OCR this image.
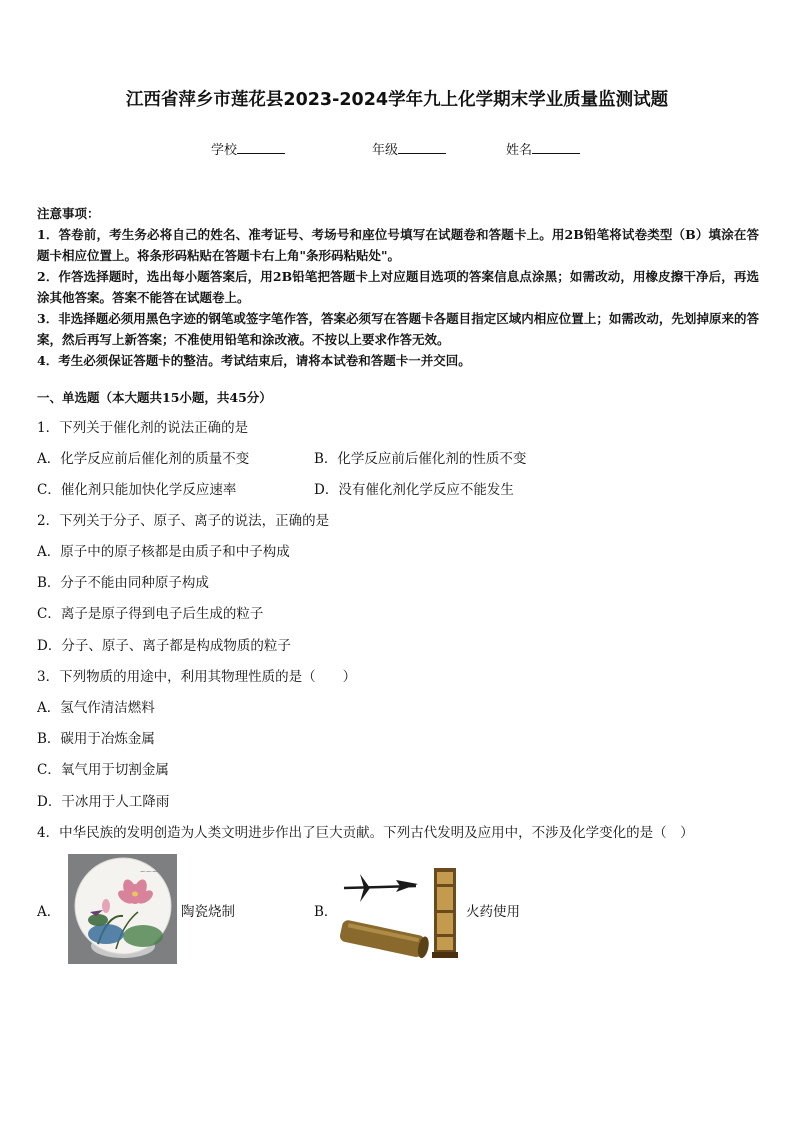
江西省萍乡市莲花县2023-2024学年九上化学期末学业质量监测试题
学校	年级	姓名

注意事项：

1．答卷前，考生务必将自己的姓名、准考证号、考场号和座位号填写在试题卷和答题卡上。用2B铅笔将试卷类型（B）填涂在答题卡相应位置上。将条形码粘贴在答题卡右上角"条形码粘贴处"。

2．作答选择题时，选出每小题答案后，用2B铅笔把答题卡上对应题目选项的答案信息点涂黑；如需改动，用橡皮擦干净后，再选涂其他答案。答案不能答在试题卷上。

3．非选择题必须用黑色字迹的钢笔或签字笔作答，答案必须写在答题卡各题目指定区域内相应位置上；如需改动，先划掉原来的答案，然后再写上新答案；不准使用铅笔和涂改液。不按以上要求作答无效。

4．考生必须保证答题卡的整洁。考试结束后，请将本试卷和答题卡一并交回。

一、单选题（本大题共15小题，共45分）
1．下列关于催化剂的说法正确的是
A．化学反应前后催化剂的质量不变	B．化学反应前后催化剂的性质不变
C．催化剂只能加快化学反应速率	D．没有催化剂化学反应不能发生
2．下列关于分子、原子、离子的说法，正确的是
A．原子中的原子核都是由质子和中子构成
B．分子不能由同种原子构成
C．离子是原子得到电子后生成的粒子
D．分子、原子、离子都是构成物质的粒子
3．下列物质的用途中，利用其物理性质的是（　　）
A．氢气作清洁燃料
B．碳用于冶炼金属
C．氧气用于切割金属
D．干冰用于人工降雨
4．中华民族的发明创造为人类文明进步作出了巨大贡献。下列古代发明及应用中，不涉及化学变化的是（　）
A．
〜〜〜
陶瓷烧制	B．	火药使用
